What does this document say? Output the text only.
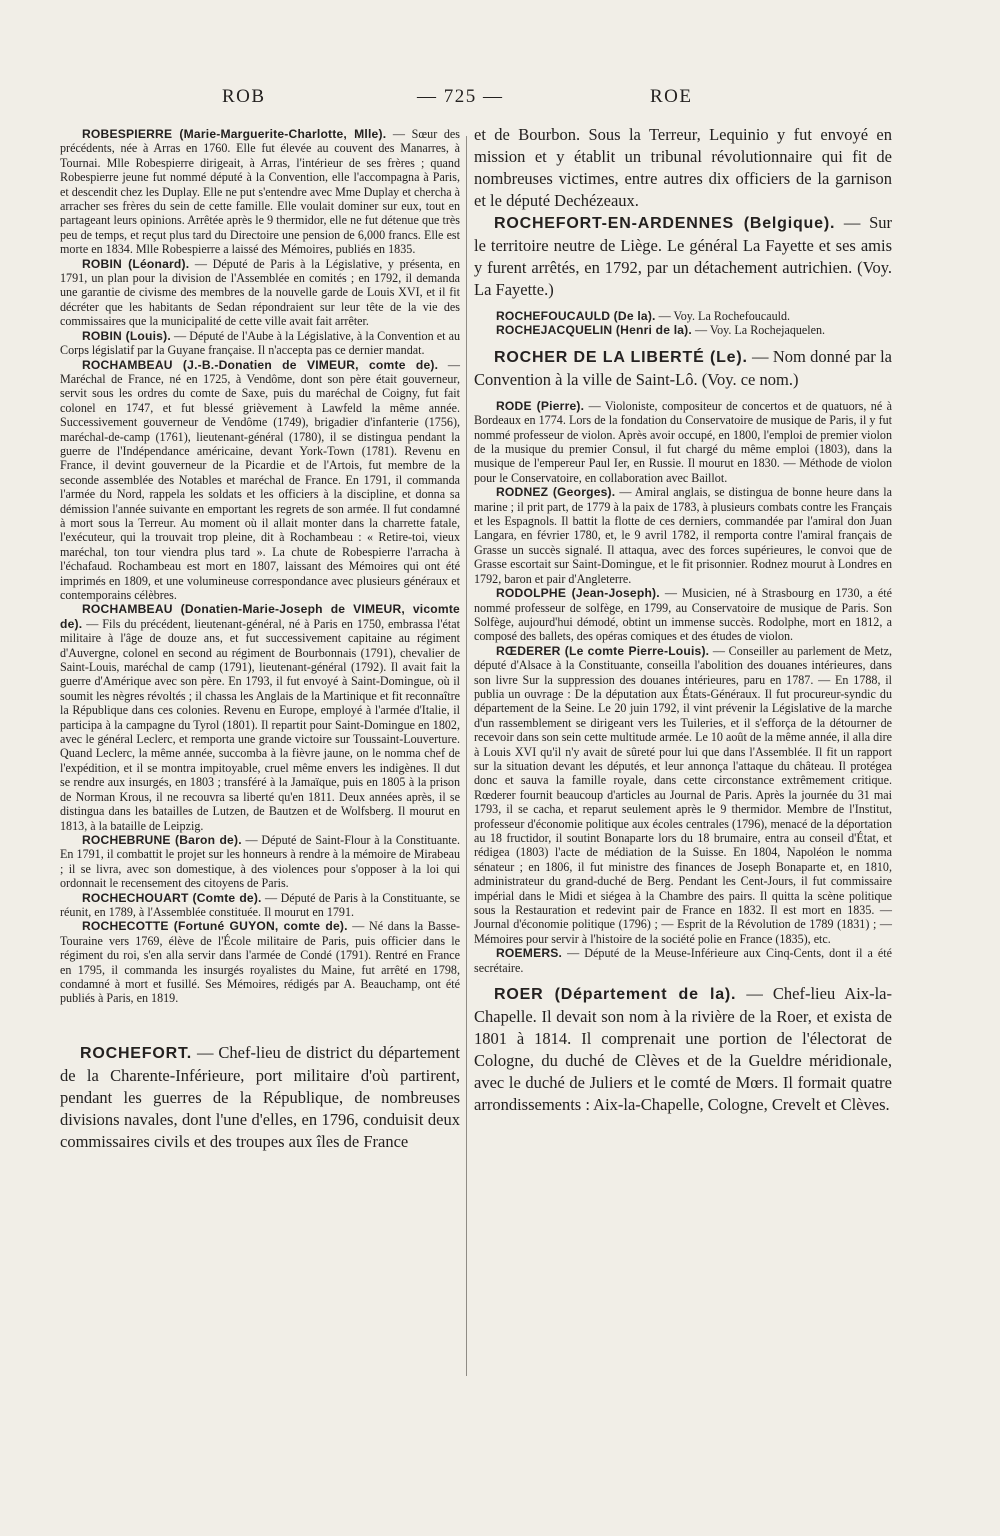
ROB	— 725 —	ROE

ROBESPIERRE (Marie-Marguerite-Charlotte, Mlle). — Sœur des précédents, née à Arras en 1760. Elle fut élevée au couvent des Manarres, à Tournai. Mlle Robespierre dirigeait, à Arras, l'intérieur de ses frères ; quand Robespierre jeune fut nommé député à la Convention, elle l'accompagna à Paris, et descendit chez les Duplay. Elle ne put s'entendre avec Mme Duplay et chercha à arracher ses frères du sein de cette famille. Elle voulait dominer sur eux, tout en partageant leurs opinions. Arrêtée après le 9 thermidor, elle ne fut détenue que très peu de temps, et reçut plus tard du Directoire une pension de 6,000 francs. Elle est morte en 1834. Mlle Robespierre a laissé des Mémoires, publiés en 1835.

ROBIN (Léonard). — Député de Paris à la Législative, y présenta, en 1791, un plan pour la division de l'Assemblée en comités ; en 1792, il demanda une garantie de civisme des membres de la nouvelle garde de Louis XVI, et il fit décréter que les habitants de Sedan répondraient sur leur tête de la vie des commissaires que la municipalité de cette ville avait fait arrêter.

ROBIN (Louis). — Député de l'Aube à la Législative, à la Convention et au Corps législatif par la Guyane française. Il n'accepta pas ce dernier mandat.

ROCHAMBEAU (J.-B.-Donatien de VIMEUR, comte de). — Maréchal de France, né en 1725, à Vendôme, dont son père était gouverneur, servit sous les ordres du comte de Saxe, puis du maréchal de Coigny, fut fait colonel en 1747, et fut blessé grièvement à Lawfeld la même année. Successivement gouverneur de Vendôme (1749), brigadier d'infanterie (1756), maréchal-de-camp (1761), lieutenant-général (1780), il se distingua pendant la guerre de l'Indépendance américaine, devant York-Town (1781). Revenu en France, il devint gouverneur de la Picardie et de l'Artois, fut membre de la seconde assemblée des Notables et maréchal de France. En 1791, il commanda l'armée du Nord, rappela les soldats et les officiers à la discipline, et donna sa démission l'année suivante en emportant les regrets de son armée. Il fut condamné à mort sous la Terreur. Au moment où il allait monter dans la charrette fatale, l'exécuteur, qui la trouvait trop pleine, dit à Rochambeau : « Retire-toi, vieux maréchal, ton tour viendra plus tard ». La chute de Robespierre l'arracha à l'échafaud. Rochambeau est mort en 1807, laissant des Mémoires qui ont été imprimés en 1809, et une volumineuse correspondance avec plusieurs généraux et contemporains célèbres.

ROCHAMBEAU (Donatien-Marie-Joseph de VIMEUR, vicomte de). — Fils du précédent, lieutenant-général, né à Paris en 1750, embrassa l'état militaire à l'âge de douze ans, et fut successivement capitaine au régiment d'Auvergne, colonel en second au régiment de Bourbonnais (1791), chevalier de Saint-Louis, maréchal de camp (1791), lieutenant-général (1792). Il avait fait la guerre d'Amérique avec son père. En 1793, il fut envoyé à Saint-Domingue, où il soumit les nègres révoltés ; il chassa les Anglais de la Martinique et fit reconnaître la République dans ces colonies. Revenu en Europe, employé à l'armée d'Italie, il participa à la campagne du Tyrol (1801). Il repartit pour Saint-Domingue en 1802, avec le général Leclerc, et remporta une grande victoire sur Toussaint-Louverture. Quand Leclerc, la même année, succomba à la fièvre jaune, on le nomma chef de l'expédition, et il se montra impitoyable, cruel même envers les indigènes. Il dut se rendre aux insurgés, en 1803 ; transféré à la Jamaïque, puis en 1805 à la prison de Norman Krous, il ne recouvra sa liberté qu'en 1811. Deux années après, il se distingua dans les batailles de Lutzen, de Bautzen et de Wolfsberg. Il mourut en 1813, à la bataille de Leipzig.

ROCHEBRUNE (Baron de). — Député de Saint-Flour à la Constituante. En 1791, il combattit le projet sur les honneurs à rendre à la mémoire de Mirabeau ; il se livra, avec son domestique, à des violences pour s'opposer à la loi qui ordonnait le recensement des citoyens de Paris.

ROCHECHOUART (Comte de). — Député de Paris à la Constituante, se réunit, en 1789, à l'Assemblée constituée. Il mourut en 1791.

ROCHECOTTE (Fortuné GUYON, comte de). — Né dans la Basse-Touraine vers 1769, élève de l'École militaire de Paris, puis officier dans le régiment du roi, s'en alla servir dans l'armée de Condé (1791). Rentré en France en 1795, il commanda les insurgés royalistes du Maine, fut arrêté en 1798, condamné à mort et fusillé. Ses Mémoires, rédigés par A. Beauchamp, ont été publiés à Paris, en 1819.

ROCHEFORT. — Chef-lieu de district du département de la Charente-Inférieure, port militaire d'où partirent, pendant les guerres de la République, de nombreuses divisions navales, dont l'une d'elles, en 1796, conduisit deux commissaires civils et des troupes aux îles de France

et de Bourbon. Sous la Terreur, Lequinio y fut envoyé en mission et y établit un tribunal révolutionnaire qui fit de nombreuses victimes, entre autres dix officiers de la garnison et le député Dechézeaux.

ROCHEFORT-EN-ARDENNES (Belgique). — Sur le territoire neutre de Liège. Le général La Fayette et ses amis y furent arrêtés, en 1792, par un détachement autrichien. (Voy. La Fayette.)

ROCHEFOUCAULD (De la). — Voy. La Rochefoucauld.

ROCHEJACQUELIN (Henri de la). — Voy. La Rochejaquelen.

ROCHER DE LA LIBERTÉ (Le). — Nom donné par la Convention à la ville de Saint-Lô. (Voy. ce nom.)

RODE (Pierre). — Violoniste, compositeur de concertos et de quatuors, né à Bordeaux en 1774. Lors de la fondation du Conservatoire de musique de Paris, il y fut nommé professeur de violon. Après avoir occupé, en 1800, l'emploi de premier violon de la musique du premier Consul, il fut chargé du même emploi (1803), dans la musique de l'empereur Paul Ier, en Russie. Il mourut en 1830. — Méthode de violon pour le Conservatoire, en collaboration avec Baillot.

RODNEZ (Georges). — Amiral anglais, se distingua de bonne heure dans la marine ; il prit part, de 1779 à la paix de 1783, à plusieurs combats contre les Français et les Espagnols. Il battit la flotte de ces derniers, commandée par l'amiral don Juan Langara, en février 1780, et, le 9 avril 1782, il remporta contre l'amiral français de Grasse un succès signalé. Il attaqua, avec des forces supérieures, le convoi que de Grasse escortait sur Saint-Domingue, et le fit prisonnier. Rodnez mourut à Londres en 1792, baron et pair d'Angleterre.

RODOLPHE (Jean-Joseph). — Musicien, né à Strasbourg en 1730, a été nommé professeur de solfège, en 1799, au Conservatoire de musique de Paris. Son Solfège, aujourd'hui démodé, obtint un immense succès. Rodolphe, mort en 1812, a composé des ballets, des opéras comiques et des études de violon.

RŒDERER (Le comte Pierre-Louis). — Conseiller au parlement de Metz, député d'Alsace à la Constituante, conseilla l'abolition des douanes intérieures, dans son livre Sur la suppression des douanes intérieures, paru en 1787. — En 1788, il publia un ouvrage : De la députation aux États-Généraux. Il fut procureur-syndic du département de la Seine. Le 20 juin 1792, il vint prévenir la Législative de la marche d'un rassemblement se dirigeant vers les Tuileries, et il s'efforça de la détourner de recevoir dans son sein cette multitude armée. Le 10 août de la même année, il alla dire à Louis XVI qu'il n'y avait de sûreté pour lui que dans l'Assemblée. Il fit un rapport sur la situation devant les députés, et leur annonça l'attaque du château. Il protégea donc et sauva la famille royale, dans cette circonstance extrêmement critique. Rœderer fournit beaucoup d'articles au Journal de Paris. Après la journée du 31 mai 1793, il se cacha, et reparut seulement après le 9 thermidor. Membre de l'Institut, professeur d'économie politique aux écoles centrales (1796), menacé de la déportation au 18 fructidor, il soutint Bonaparte lors du 18 brumaire, entra au conseil d'État, et rédigea (1803) l'acte de médiation de la Suisse. En 1804, Napoléon le nomma sénateur ; en 1806, il fut ministre des finances de Joseph Bonaparte et, en 1810, administrateur du grand-duché de Berg. Pendant les Cent-Jours, il fut commissaire impérial dans le Midi et siégea à la Chambre des pairs. Il quitta la scène politique sous la Restauration et redevint pair de France en 1832. Il est mort en 1835. — Journal d'économie politique (1796) ; — Esprit de la Révolution de 1789 (1831) ; — Mémoires pour servir à l'histoire de la société polie en France (1835), etc.

ROEMERS. — Député de la Meuse-Inférieure aux Cinq-Cents, dont il a été secrétaire.

ROER (Département de la). — Chef-lieu Aix-la-Chapelle. Il devait son nom à la rivière de la Roer, et exista de 1801 à 1814. Il comprenait une portion de l'électorat de Cologne, du duché de Clèves et de la Gueldre méridionale, avec le duché de Juliers et le comté de Mœrs. Il formait quatre arrondissements : Aix-la-Chapelle, Cologne, Crevelt et Clèves.
